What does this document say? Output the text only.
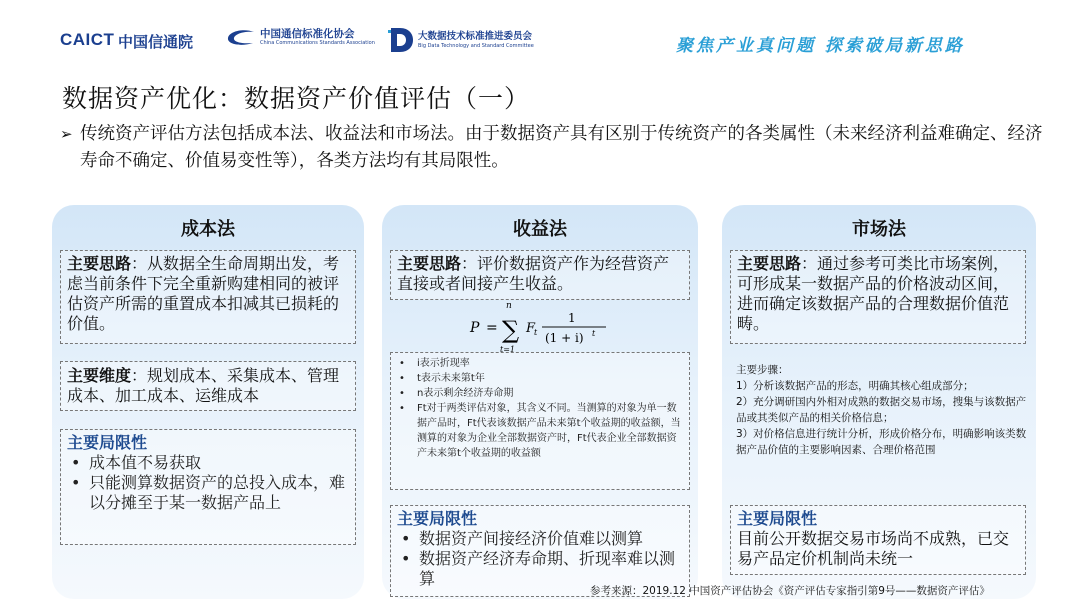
CAICT 中国信通院	中国通信标准化协会
China Communications Standards Association
大数据技术标准推进委员会
Big Data Technology and Standard Committee	聚焦产业真问题 探索破局新思路
数据资产优化：数据资产价值评估（一）
➢ 传统资产评估方法包括成本法、收益法和市场法。由于数据资产具有区别于传统资产的各类属性（未来经济利益难确定、经济寿命不确定、价值易变性等），各类方法均有其局限性。
成本法
主要思路：从数据全生命周期出发，考虑当前条件下完全重新购建相同的被评估资产所需的重置成本扣减其已损耗的价值。
主要维度：规划成本、采集成本、管理成本、加工成本、运维成本
主要局限性
• 成本值不易获取
• 只能测算数据资产的总投入成本，难以分摊至于某一数据产品上
收益法
主要思路：评价数据资产作为经营资产直接或者间接产生收益。
P =
n
∑
t=1
F
t
1
(1 + i) t
• i表示折现率
• t表示未来第t年
• n表示剩余经济寿命期
• Ft对于两类评估对象，其含义不同。当测算的对象为单一数据产品时，Ft代表该数据产品未来第t个收益期的收益额，当测算的对象为企业全部数据资产时，Ft代表企业全部数据资产未来第t个收益期的收益额
主要局限性
• 数据资产间接经济价值难以测算
• 数据资产经济寿命期、折现率难以测算
市场法
主要思路：通过参考可类比市场案例，可形成某一数据产品的价格波动区间，进而确定该数据产品的合理数据价值范畴。
主要步骤：
1）分析该数据产品的形态，明确其核心组成部分；
2）充分调研国内外相对成熟的数据交易市场，搜集与该数据产品或其类似产品的相关价格信息；
3）对价格信息进行统计分析，形成价格分布，明确影响该类数据产品价值的主要影响因素、合理价格范围
主要局限性
目前公开数据交易市场尚不成熟，已交易产品定价机制尚未统一
参考来源：2019.12 中国资产评估协会《资产评估专家指引第9号——数据资产评估》
